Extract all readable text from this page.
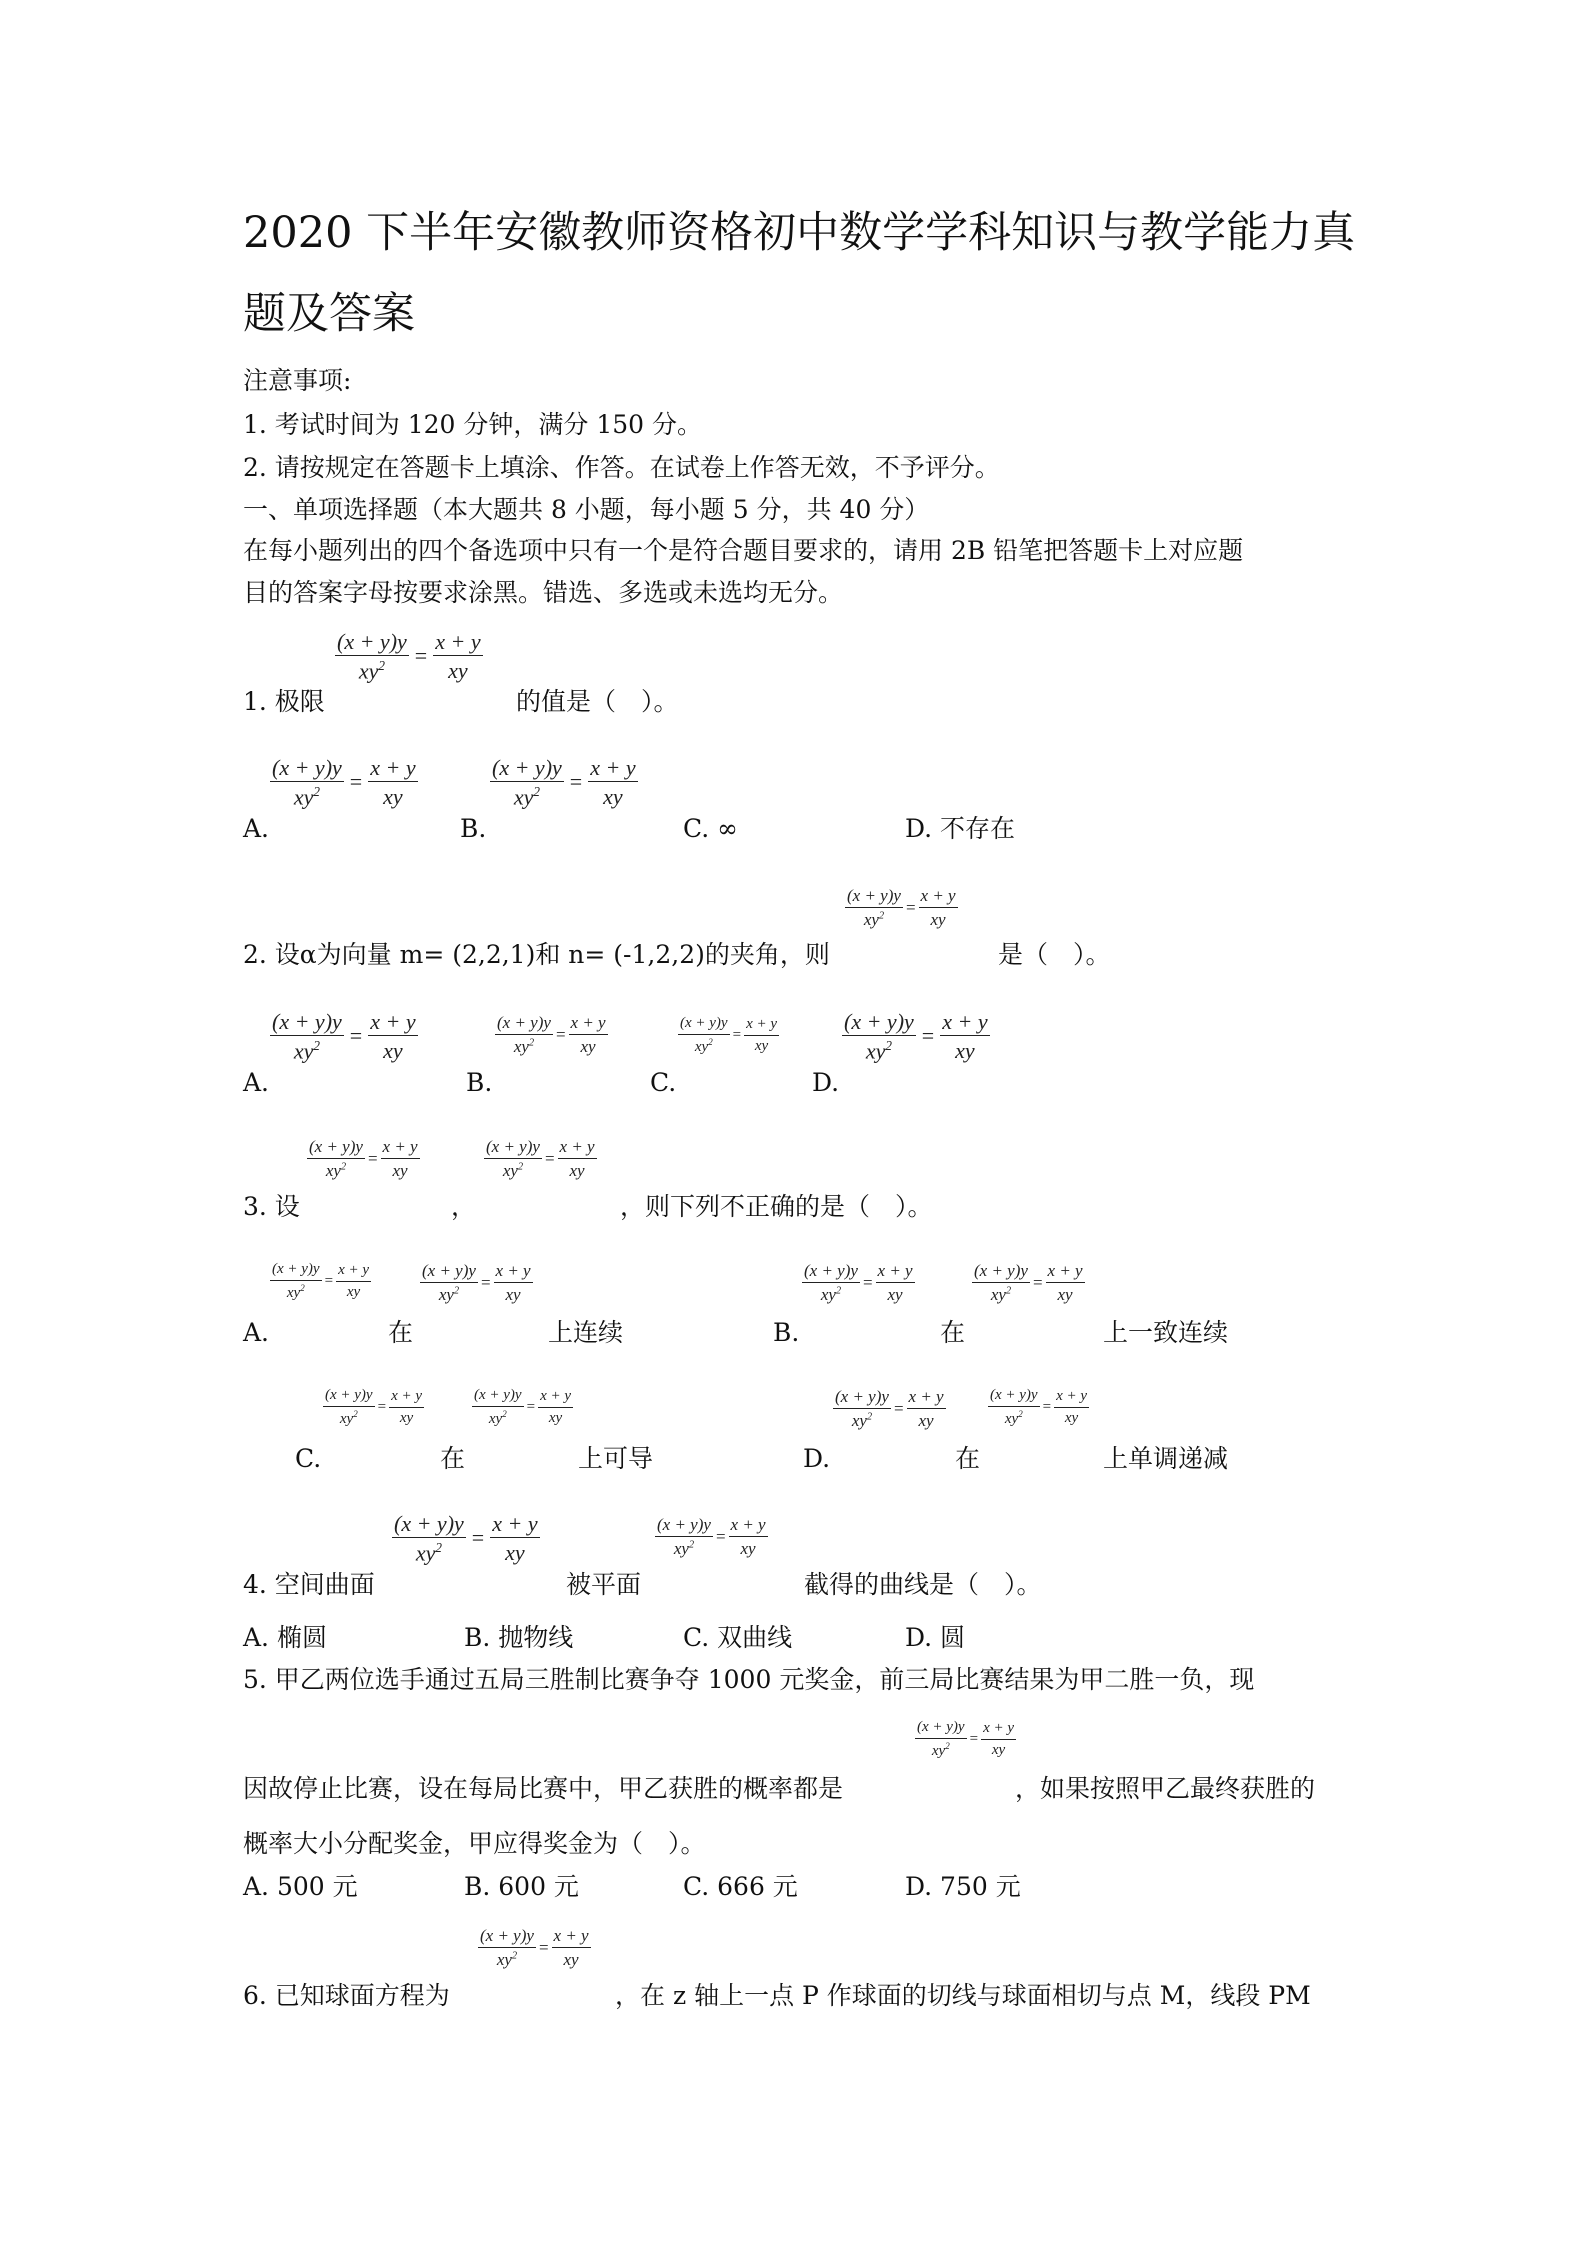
2020 下半年安徽教师资格初中数学学科知识与教学能力真
题及答案
注意事项:
1. 考试时间为 120 分钟，满分 150 分。
2. 请按规定在答题卡上填涂、作答。在试卷上作答无效，不予评分。
一、单项选择题（本大题共 8 小题，每小题 5 分，共 40 分）
在每小题列出的四个备选项中只有一个是符合题目要求的，请用 2B 铅笔把答题卡上对应题
目的答案字母按要求涂黑。错选、多选或未选均无分。
1. 极限
$\frac{(x + y)y}{xy^2} = \frac{x + y}{xy}$
的值是（　）。
A.
$\frac{(x + y)y}{xy^2} = \frac{x + y}{xy}$
B.
$\frac{(x + y)y}{xy^2} = \frac{x + y}{xy}$
C. ∞	D. 不存在
2. 设α为向量 m= (2,2,1)和 n= (-1,2,2)的夹角，则
$\frac{(x + y)y}{xy^2} = \frac{x + y}{xy}$
是（　）。
A.
$\frac{(x + y)y}{xy^2} = \frac{x + y}{xy}$
B.
$\frac{(x + y)y}{xy^2} = \frac{x + y}{xy}$
C.
$\frac{(x + y)y}{xy^2} = \frac{x + y}{xy}$
D.
$\frac{(x + y)y}{xy^2} = \frac{x + y}{xy}$
3. 设
$\frac{(x + y)y}{xy^2} = \frac{x + y}{xy}$
，
$\frac{(x + y)y}{xy^2} = \frac{x + y}{xy}$
，则下列不正确的是（　）。
A.
$\frac{(x + y)y}{xy^2} = \frac{x + y}{xy}$
在
$\frac{(x + y)y}{xy^2} = \frac{x + y}{xy}$
上连续	B.
$\frac{(x + y)y}{xy^2} = \frac{x + y}{xy}$
在
$\frac{(x + y)y}{xy^2} = \frac{x + y}{xy}$
上一致连续
C.
$\frac{(x + y)y}{xy^2} = \frac{x + y}{xy}$
在
$\frac{(x + y)y}{xy^2} = \frac{x + y}{xy}$
上可导	D.
$\frac{(x + y)y}{xy^2} = \frac{x + y}{xy}$
在
$\frac{(x + y)y}{xy^2} = \frac{x + y}{xy}$
上单调递减
4. 空间曲面
$\frac{(x + y)y}{xy^2} = \frac{x + y}{xy}$
被平面
$\frac{(x + y)y}{xy^2} = \frac{x + y}{xy}$
截得的曲线是（　）。
A. 椭圆	B. 抛物线	C. 双曲线	D. 圆
5. 甲乙两位选手通过五局三胜制比赛争夺 1000 元奖金，前三局比赛结果为甲二胜一负，现
因故停止比赛，设在每局比赛中，甲乙获胜的概率都是
$\frac{(x + y)y}{xy^2} = \frac{x + y}{xy}$
，如果按照甲乙最终获胜的
概率大小分配奖金，甲应得奖金为（　）。
A. 500 元	B. 600 元	C. 666 元	D. 750 元
6. 已知球面方程为
$\frac{(x + y)y}{xy^2} = \frac{x + y}{xy}$
，在 z 轴上一点 P 作球面的切线与球面相切与点 M，线段 PM
